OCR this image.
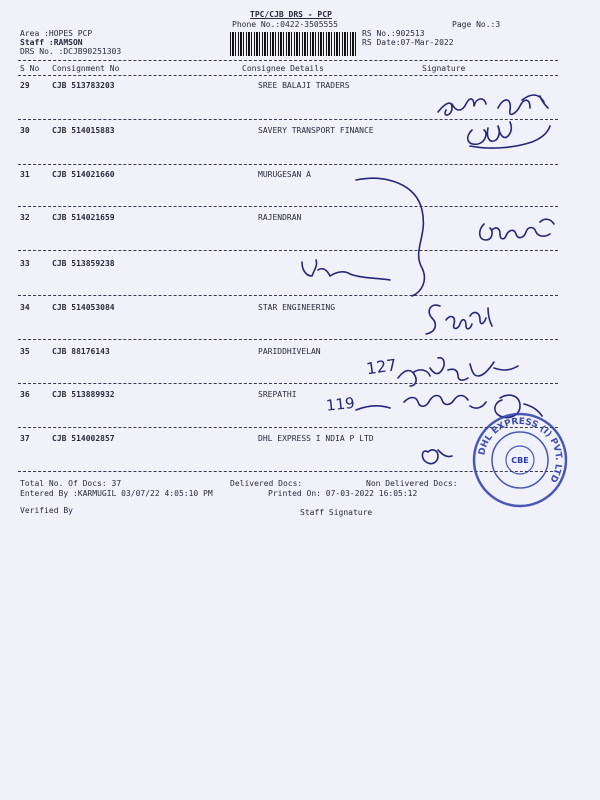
TPC/CJB DRS - PCP
Phone No.:0422-3505555	Page No.:3
Area :HOPES PCP
Staff :RAMSON
DRS No. :DCJB90251303
RS No.:902513
RS Date:07-Mar-2022
S No Consignment No	Consignee Details	Signature
29	CJB 513783203	SREE BALAJI TRADERS
30	CJB 514015883	SAVERY TRANSPORT FINANCE
31	CJB 514021660	MURUGESAN A
32	CJB 514021659	RAJENDRAN
33	CJB 513859238
34	CJB 514053084	STAR ENGINEERING
35	CJB 88176143	PARIDDHIVELAN
36	CJB 513889932	SREPATHI
37	CJB 514002857	DHL EXPRESS I NDIA P LTD
Total No. Of Docs: 37	Delivered Docs:	Non Delivered Docs:
Entered By :KARMUGIL 03/07/22 4:05:10 PM	Printed On: 07-03-2022 16:05:12
Verified By	Staff Signature
127
119
DHL EXPRESS (I) PVT. LTD
CBE
